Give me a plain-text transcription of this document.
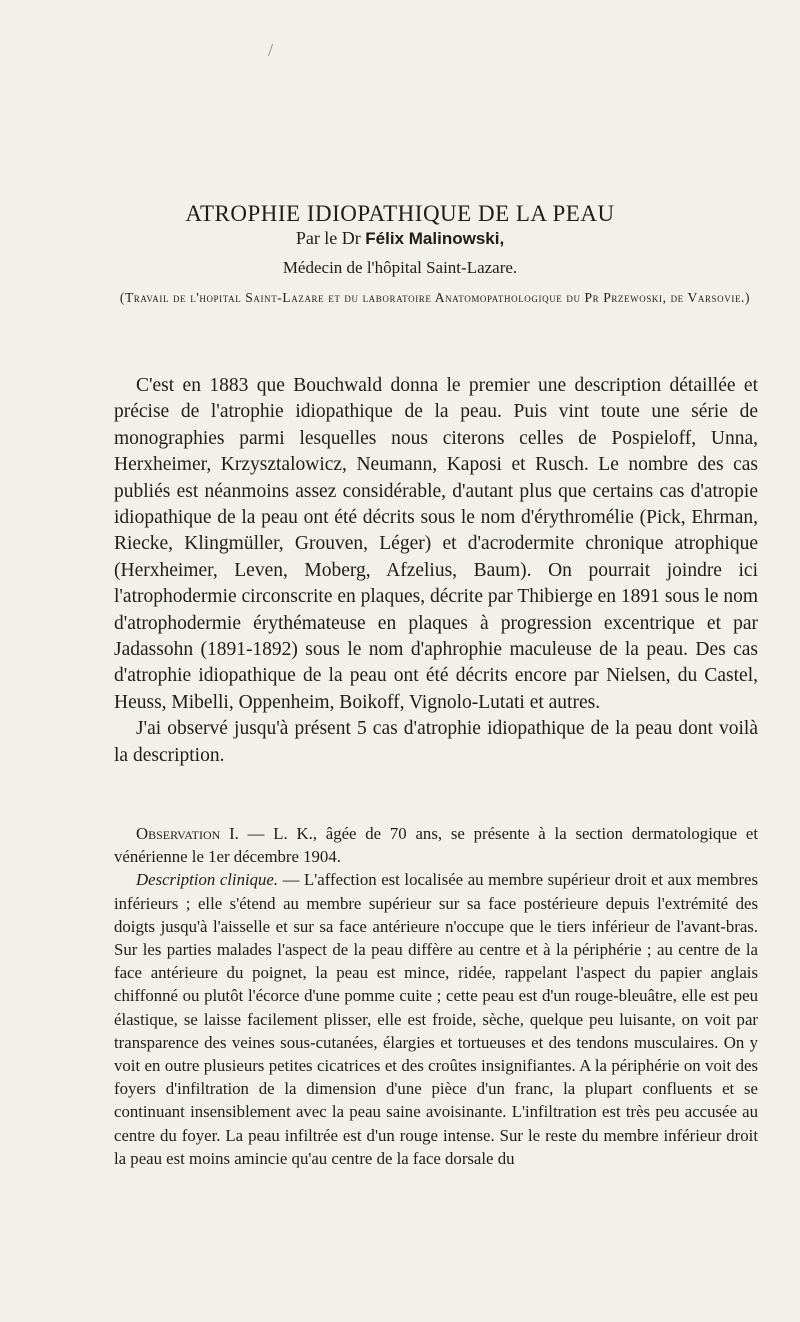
/
ATROPHIE IDIOPATHIQUE DE LA PEAU
Par le Dr Félix Malinowski,
Médecin de l'hôpital Saint-Lazare.
(Travail de l'hopital Saint-Lazare et du laboratoire Anatomopathologique du Pr Przewoski, de Varsovie.)

C'est en 1883 que Bouchwald donna le premier une description détaillée et précise de l'atrophie idiopathique de la peau. Puis vint toute une série de monographies parmi lesquelles nous citerons celles de Pospieloff, Unna, Herxheimer, Krzysztalowicz, Neumann, Kaposi et Rusch. Le nombre des cas publiés est néanmoins assez considérable, d'autant plus que certains cas d'atropie idiopathique de la peau ont été décrits sous le nom d'érythromélie (Pick, Ehrman, Riecke, Klingmüller, Grouven, Léger) et d'acrodermite chronique atrophique (Herxheimer, Leven, Moberg, Afzelius, Baum). On pourrait joindre ici l'atrophodermie circonscrite en plaques, décrite par Thibierge en 1891 sous le nom d'atrophodermie érythémateuse en plaques à progression excentrique et par Jadassohn (1891-1892) sous le nom d'aphrophie maculeuse de la peau. Des cas d'atrophie idiopathique de la peau ont été décrits encore par Nielsen, du Castel, Heuss, Mibelli, Oppenheim, Boikoff, Vignolo-Lutati et autres.

J'ai observé jusqu'à présent 5 cas d'atrophie idiopathique de la peau dont voilà la description.

Observation I. — L. K., âgée de 70 ans, se présente à la section dermatologique et vénérienne le 1er décembre 1904.

Description clinique. — L'affection est localisée au membre supérieur droit et aux membres inférieurs ; elle s'étend au membre supérieur sur sa face postérieure depuis l'extrémité des doigts jusqu'à l'aisselle et sur sa face antérieure n'occupe que le tiers inférieur de l'avant-bras. Sur les parties malades l'aspect de la peau diffère au centre et à la périphérie ; au centre de la face antérieure du poignet, la peau est mince, ridée, rappelant l'aspect du papier anglais chiffonné ou plutôt l'écorce d'une pomme cuite ; cette peau est d'un rouge-bleuâtre, elle est peu élastique, se laisse facilement plisser, elle est froide, sèche, quelque peu luisante, on voit par transparence des veines sous-cutanées, élargies et tortueuses et des tendons musculaires. On y voit en outre plusieurs petites cicatrices et des croûtes insignifiantes. A la périphérie on voit des foyers d'infiltration de la dimension d'une pièce d'un franc, la plupart confluents et se continuant insensiblement avec la peau saine avoisinante. L'infiltration est très peu accusée au centre du foyer. La peau infiltrée est d'un rouge intense. Sur le reste du membre inférieur droit la peau est moins amincie qu'au centre de la face dorsale du
